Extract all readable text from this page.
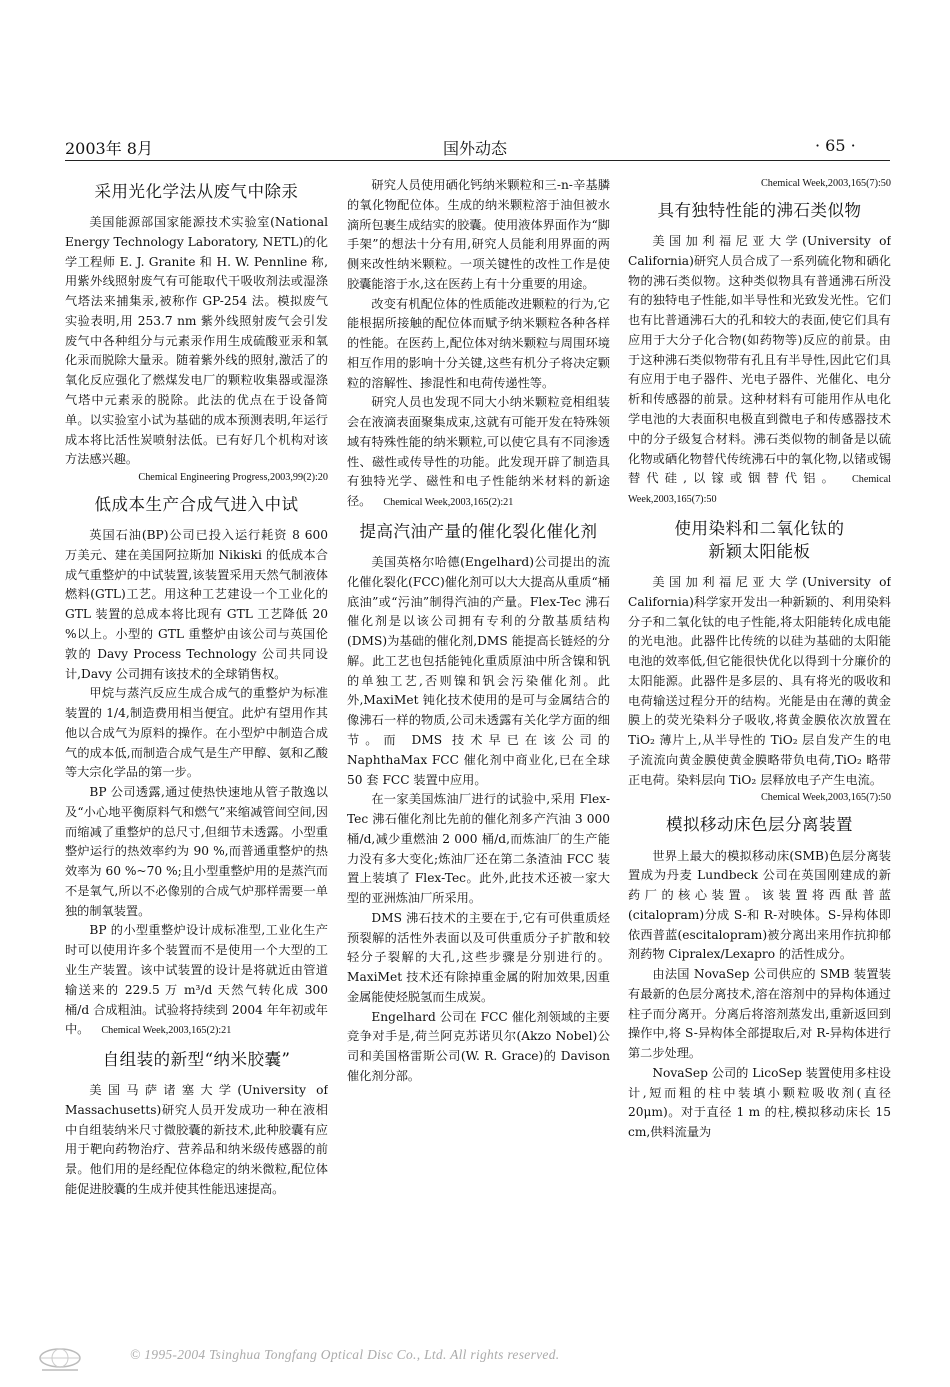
2003年 8月	国外动态	· 65 ·
采用光化学法从废气中除汞

美国能源部国家能源技术实验室(National Energy Technology Laboratory, NETL)的化学工程师 E. J. Granite 和 H. W. Pennline 称,用紫外线照射废气有可能取代干吸收剂法或湿涤气塔法来捕集汞,被称作 GP-254 法。模拟废气实验表明,用 253.7 nm 紫外线照射废气会引发废气中各种组分与元素汞作用生成硫酸亚汞和氧化汞而脱除大量汞。随着紫外线的照射,激活了的氧化反应强化了燃煤发电厂的颗粒收集器或湿涤气塔中元素汞的脱除。此法的优点在于设备简单。以实验室小试为基础的成本预测表明,年运行成本将比活性炭喷射法低。已有好几个机构对该方法感兴趣。

Chemical Engineering Progress,2003,99(2):20
低成本生产合成气进入中试

英国石油(BP)公司已投入运行耗资 8 600 万美元、建在美国阿拉斯加 Nikiski 的低成本合成气重整炉的中试装置,该装置采用天然气制液体燃料(GTL)工艺。用这种工艺建设一个工业化的 GTL 装置的总成本将比现有 GTL 工艺降低 20 %以上。小型的 GTL 重整炉由该公司与英国伦敦的 Davy Process Technology 公司共同设计,Davy 公司拥有该技术的全球销售权。

甲烷与蒸汽反应生成合成气的重整炉为标准装置的 1/4,制造费用相当便宜。此炉有望用作其他以合成气为原料的操作。在小型炉中制造合成气的成本低,而制造合成气是生产甲醇、氨和乙酸等大宗化学品的第一步。

BP 公司透露,通过使热快速地从管子散逸以及“小心地平衡原料气和燃气”来缩减管间空间,因而缩减了重整炉的总尺寸,但细节未透露。小型重整炉运行的热效率约为 90 %,而普通重整炉的热效率为 60 %~70 %;且小型重整炉用的是蒸汽而不是氧气,所以不必像别的合成气炉那样需要一单独的制氧装置。

BP 的小型重整炉设计成标准型,工业化生产时可以使用许多个装置而不是使用一个大型的工业生产装置。该中试装置的设计是将就近由管道输送来的 229.5 万 m³/d 天然气转化成 300 桶/d 合成粗油。试验将持续到 2004 年年初或年中。 Chemical Week,2003,165(2):21

自组装的新型“纳米胶囊”

美国马萨诸塞大学(University of Massachusetts)研究人员开发成功一种在液相中自组装纳米尺寸微胶囊的新技术,此种胶囊有应用于靶向药物治疗、营养品和纳米级传感器的前景。他们用的是经配位体稳定的纳米微粒,配位体能促进胶囊的生成并使其性能迅速提高。

研究人员使用硒化钙纳米颗粒和三-n-辛基膦的氧化物配位体。生成的纳米颗粒溶于油但被水滴所包裹生成结实的胶囊。使用液体界面作为“脚手架”的想法十分有用,研究人员能利用界面的两侧来改性纳米颗粒。一项关键性的改性工作是使胶囊能溶于水,这在医药上有十分重要的用途。

改变有机配位体的性质能改进颗粒的行为,它能根据所接触的配位体而赋予纳米颗粒各种各样的性能。在医药上,配位体对纳米颗粒与周围环境相互作用的影响十分关键,这些有机分子将决定颗粒的溶解性、掺混性和电荷传递性等。

研究人员也发现不同大小纳米颗粒竞相组装会在液滴表面聚集成束,这就有可能开发在特殊领域有特殊性能的纳米颗粒,可以使它具有不同渗透性、磁性或传导性的功能。此发现开辟了制造具有独特光学、磁性和电子性能纳米材料的新途径。 Chemical Week,2003,165(2):21

提高汽油产量的催化裂化催化剂

美国英格尔哈德(Engelhard)公司提出的流化催化裂化(FCC)催化剂可以大大提高从重质“桶底油”或“污油”制得汽油的产量。Flex-Tec 沸石催化剂是以该公司拥有专利的分散基质结构(DMS)为基础的催化剂,DMS 能提高长链烃的分解。此工艺也包括能钝化重质原油中所含镍和钒的单独工艺,否则镍和钒会污染催化剂。此外,MaxiMet 钝化技术使用的是可与金属结合的像沸石一样的物质,公司未透露有关化学方面的细节。而 DMS 技术早已在该公司的 NaphthaMax FCC 催化剂中商业化,已在全球 50 套 FCC 装置中应用。

在一家美国炼油厂进行的试验中,采用 Flex-Tec 沸石催化剂比先前的催化剂多产汽油 3 000 桶/d,减少重燃油 2 000 桶/d,而炼油厂的生产能力没有多大变化;炼油厂还在第二条渣油 FCC 装置上装填了 Flex-Tec。此外,此技术还被一家大型的亚洲炼油厂所采用。

DMS 沸石技术的主要在于,它有可供重质烃预裂解的活性外表面以及可供重质分子扩散和较轻分子裂解的大孔,这些步骤是分别进行的。MaxiMet 技术还有除掉重金属的附加效果,因重金属能使烃脱氢而生成炭。

Engelhard 公司在 FCC 催化剂领域的主要竞争对手是,荷兰阿克苏诺贝尔(Akzo Nobel)公司和美国格雷斯公司(W. R. Grace)的 Davison 催化剂分部。

Chemical Week,2003,165(7):50
具有独特性能的沸石类似物

美国加利福尼亚大学(University of California)研究人员合成了一系列硫化物和硒化物的沸石类似物。这种类似物具有普通沸石所没有的独特电子性能,如半导性和光致发光性。它们也有比普通沸石大的孔和较大的表面,使它们具有应用于大分子化合物(如药物等)反应的前景。由于这种沸石类似物带有孔且有半导性,因此它们具有应用于电子器件、光电子器件、光催化、电分析和传感器的前景。这种材料有可能用作从电化学电池的大表面积电极直到微电子和传感器技术中的分子级复合材料。沸石类似物的制备是以硫化物或硒化物替代传统沸石中的氧化物,以锗或锡替代硅,以镓或铟替代铝。 Chemical Week,2003,165(7):50

使用染料和二氧化钛的
新颖太阳能板

美国加利福尼亚大学(University of California)科学家开发出一种新颖的、利用染料分子和二氧化钛的电子性能,将太阳能转化成电能的光电池。此器件比传统的以硅为基础的太阳能电池的效率低,但它能很快优化以得到十分廉价的太阳能源。此器件是多层的、具有将光的吸收和电荷输送过程分开的结构。光能是由在薄的黄金膜上的荧光染料分子吸收,将黄金膜依次放置在 TiO₂ 薄片上,从半导性的 TiO₂ 层自发产生的电子流流向黄金膜使黄金膜略带负电荷,TiO₂ 略带正电荷。染料层向 TiO₂ 层释放电子产生电流。

Chemical Week,2003,165(7):50
模拟移动床色层分离装置

世界上最大的模拟移动床(SMB)色层分离装置成为丹麦 Lundbeck 公司在英国刚建成的新药厂的核心装置。该装置将西酞普蓝(citalopram)分成 S-和 R-对映体。S-异构体即依西普蓝(escitalopram)被分离出来用作抗抑郁剂药物 Cipralex/Lexapro 的活性成分。

由法国 NovaSep 公司供应的 SMB 装置装有最新的色层分离技术,溶在溶剂中的异构体通过柱子而分离开。分离后将溶剂蒸发出,重新返回到操作中,将 S-异构体全部提取后,对 R-异构体进行第二步处理。

NovaSep 公司的 LicoSep 装置使用多柱设计,短而粗的柱中装填小颗粒吸收剂(直径 20μm)。对于直径 1 m 的柱,模拟移动床长 15 cm,供料流量为

© 1995-2004 Tsinghua Tongfang Optical Disc Co., Ltd. All rights reserved.
